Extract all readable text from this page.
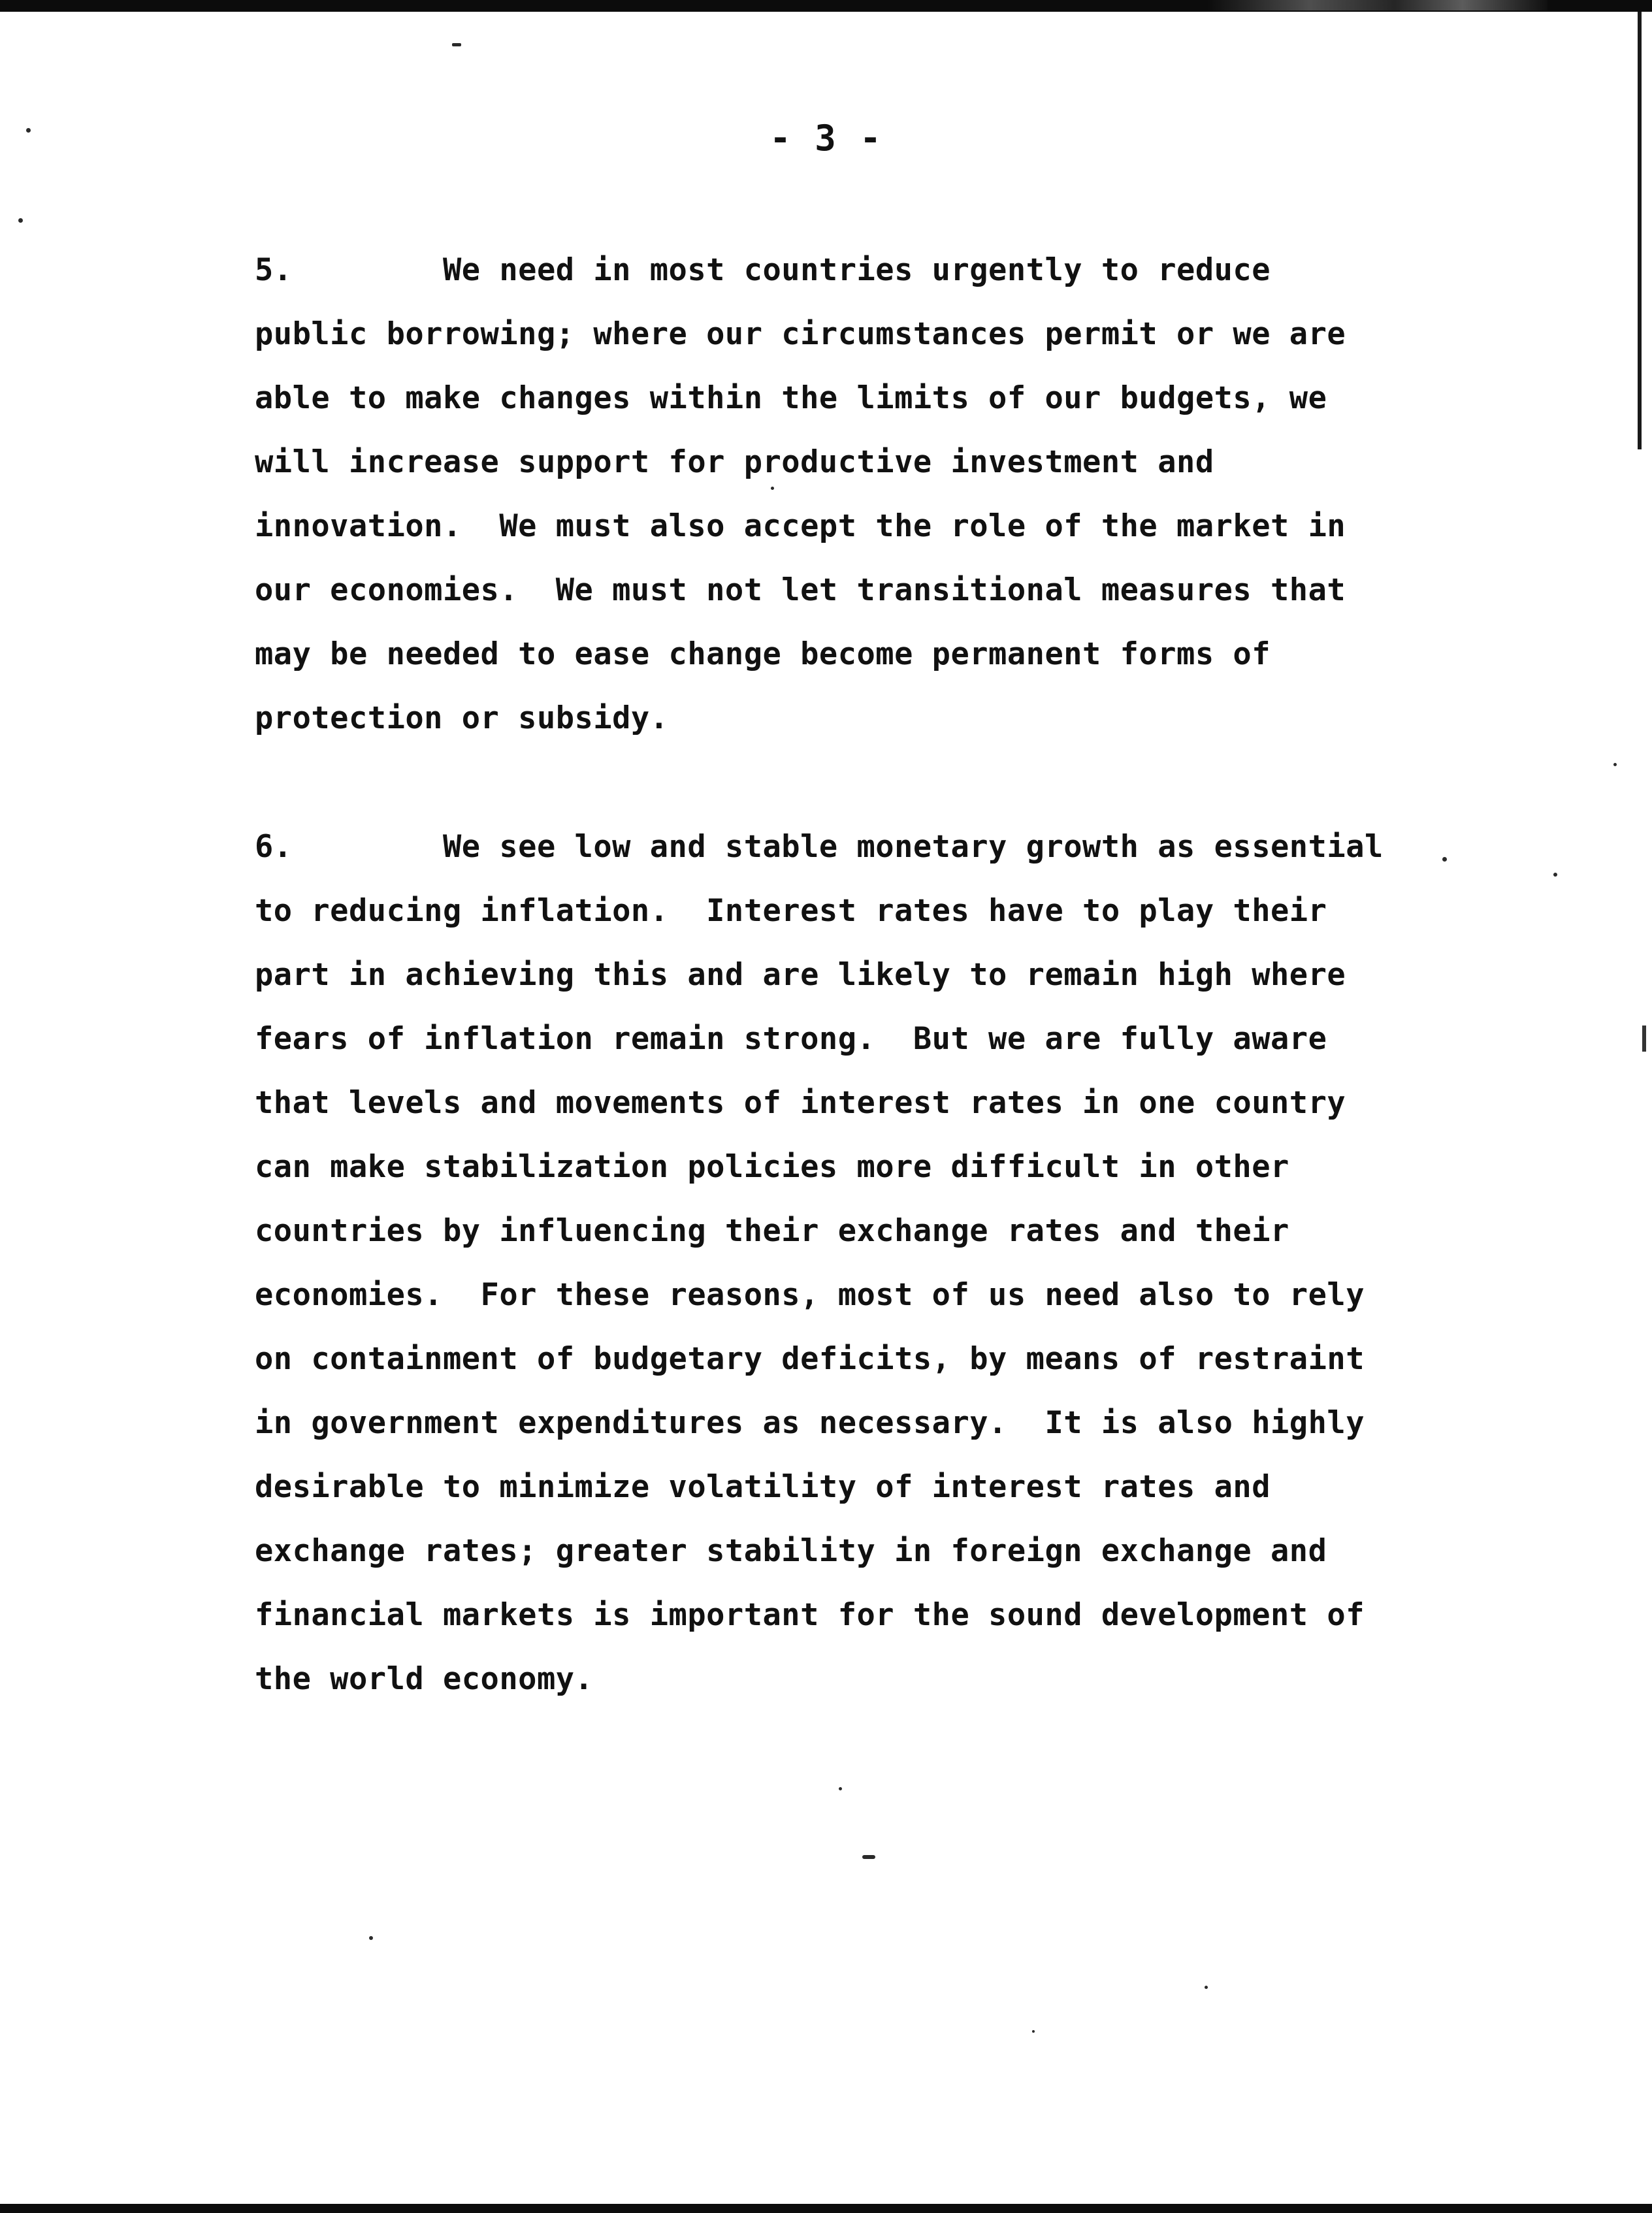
- 3 -
5.        We need in most countries urgently to reduce
public borrowing; where our circumstances permit or we are
able to make changes within the limits of our budgets, we
will increase support for productive investment and
innovation.  We must also accept the role of the market in
our economies.  We must not let transitional measures that
may be needed to ease change become permanent forms of
protection or subsidy.
6.        We see low and stable monetary growth as essential
to reducing inflation.  Interest rates have to play their
part in achieving this and are likely to remain high where
fears of inflation remain strong.  But we are fully aware
that levels and movements of interest rates in one country
can make stabilization policies more difficult in other
countries by influencing their exchange rates and their
economies.  For these reasons, most of us need also to rely
on containment of budgetary deficits, by means of restraint
in government expenditures as necessary.  It is also highly
desirable to minimize volatility of interest rates and
exchange rates; greater stability in foreign exchange and
financial markets is important for the sound development of
the world economy.
